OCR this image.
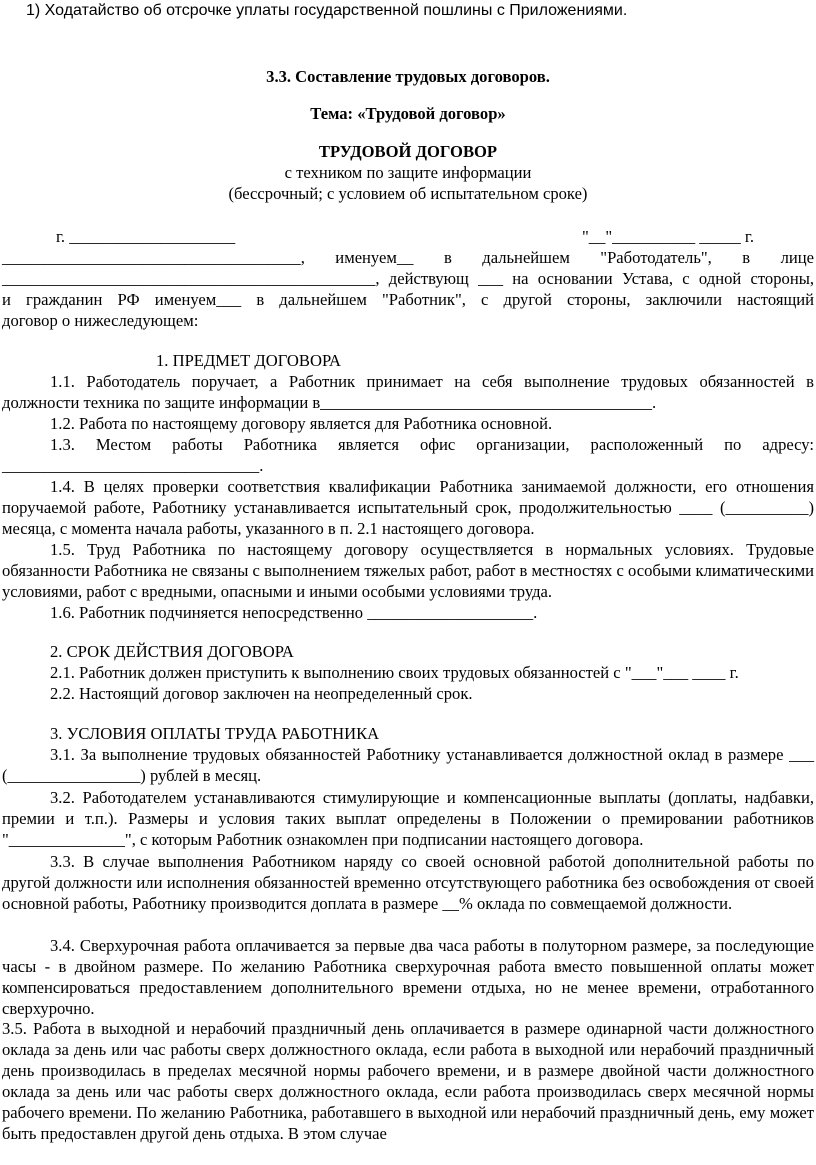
1) Ходатайство об отсрочке уплаты государственной пошлины с Приложениями.
3.3. Составление трудовых договоров.
Тема: «Трудовой договор»
ТРУДОВОЙ ДОГОВОР
с техником по защите информации
(бессрочный; с условием об испытательном сроке)
г. ____________________	"__"__________ _____ г.
____________________________________, именуем__ в дальнейшем "Работодатель", в лице
_____________________________________________, действующ ___ на основании Устава, с одной стороны,
и гражданин РФ именуем___ в дальнейшем "Работник", с другой стороны, заключили настоящий
договор о нижеследующем:
1. ПРЕДМЕТ ДОГОВОРА
1.1. Работодатель поручает, а Работник принимает на себя выполнение трудовых обязанностей в должности техника по защите информации в________________________________________.
1.2. Работа по настоящему договору является для Работника основной.
1.3. Местом работы Работника является офис организации, расположенный по адресу: _______________________________.
1.4. В целях проверки соответствия квалификации Работника занимаемой должности, его отношения поручаемой работе, Работнику устанавливается испытательный срок, продолжительностью ____ (__________) месяца, с момента начала работы, указанного в п. 2.1 настоящего договора.
1.5. Труд Работника по настоящему договору осуществляется в нормальных условиях. Трудовые обязанности Работника не связаны с выполнением тяжелых работ, работ в местностях с особыми климатическими условиями, работ с вредными, опасными и иными особыми условиями труда.
1.6. Работник подчиняется непосредственно ____________________.
2. СРОК ДЕЙСТВИЯ ДОГОВОРА
2.1. Работник должен приступить к выполнению своих трудовых обязанностей с "___"___ ____ г.
2.2. Настоящий договор заключен на неопределенный срок.
3. УСЛОВИЯ ОПЛАТЫ ТРУДА РАБОТНИКА
3.1. За выполнение трудовых обязанностей Работнику устанавливается должностной оклад в размере ___ (________________) рублей в месяц.
3.2. Работодателем устанавливаются стимулирующие и компенсационные выплаты (доплаты, надбавки, премии и т.п.). Размеры и условия таких выплат определены в Положении о премировании работников "______________", с которым Работник ознакомлен при подписании настоящего договора.
3.3. В случае выполнения Работником наряду со своей основной работой дополнительной работы по другой должности или исполнения обязанностей временно отсутствующего работника без освобождения от своей основной работы, Работнику производится доплата в размере __% оклада по совмещаемой должности.
3.4. Сверхурочная работа оплачивается за первые два часа работы в полуторном размере, за последующие часы - в двойном размере. По желанию Работника сверхурочная работа вместо повышенной оплаты может компенсироваться предоставлением дополнительного времени отдыха, но не менее времени, отработанного сверхурочно.
3.5. Работа в выходной и нерабочий праздничный день оплачивается в размере одинарной части должностного оклада за день или час работы сверх должностного оклада, если работа в выходной или нерабочий праздничный день производилась в пределах месячной нормы рабочего времени, и в размере двойной части должностного оклада за день или час работы сверх должностного оклада, если работа производилась сверх месячной нормы рабочего времени. По желанию Работника, работавшего в выходной или нерабочий праздничный день, ему может быть предоставлен другой день отдыха. В этом случае
